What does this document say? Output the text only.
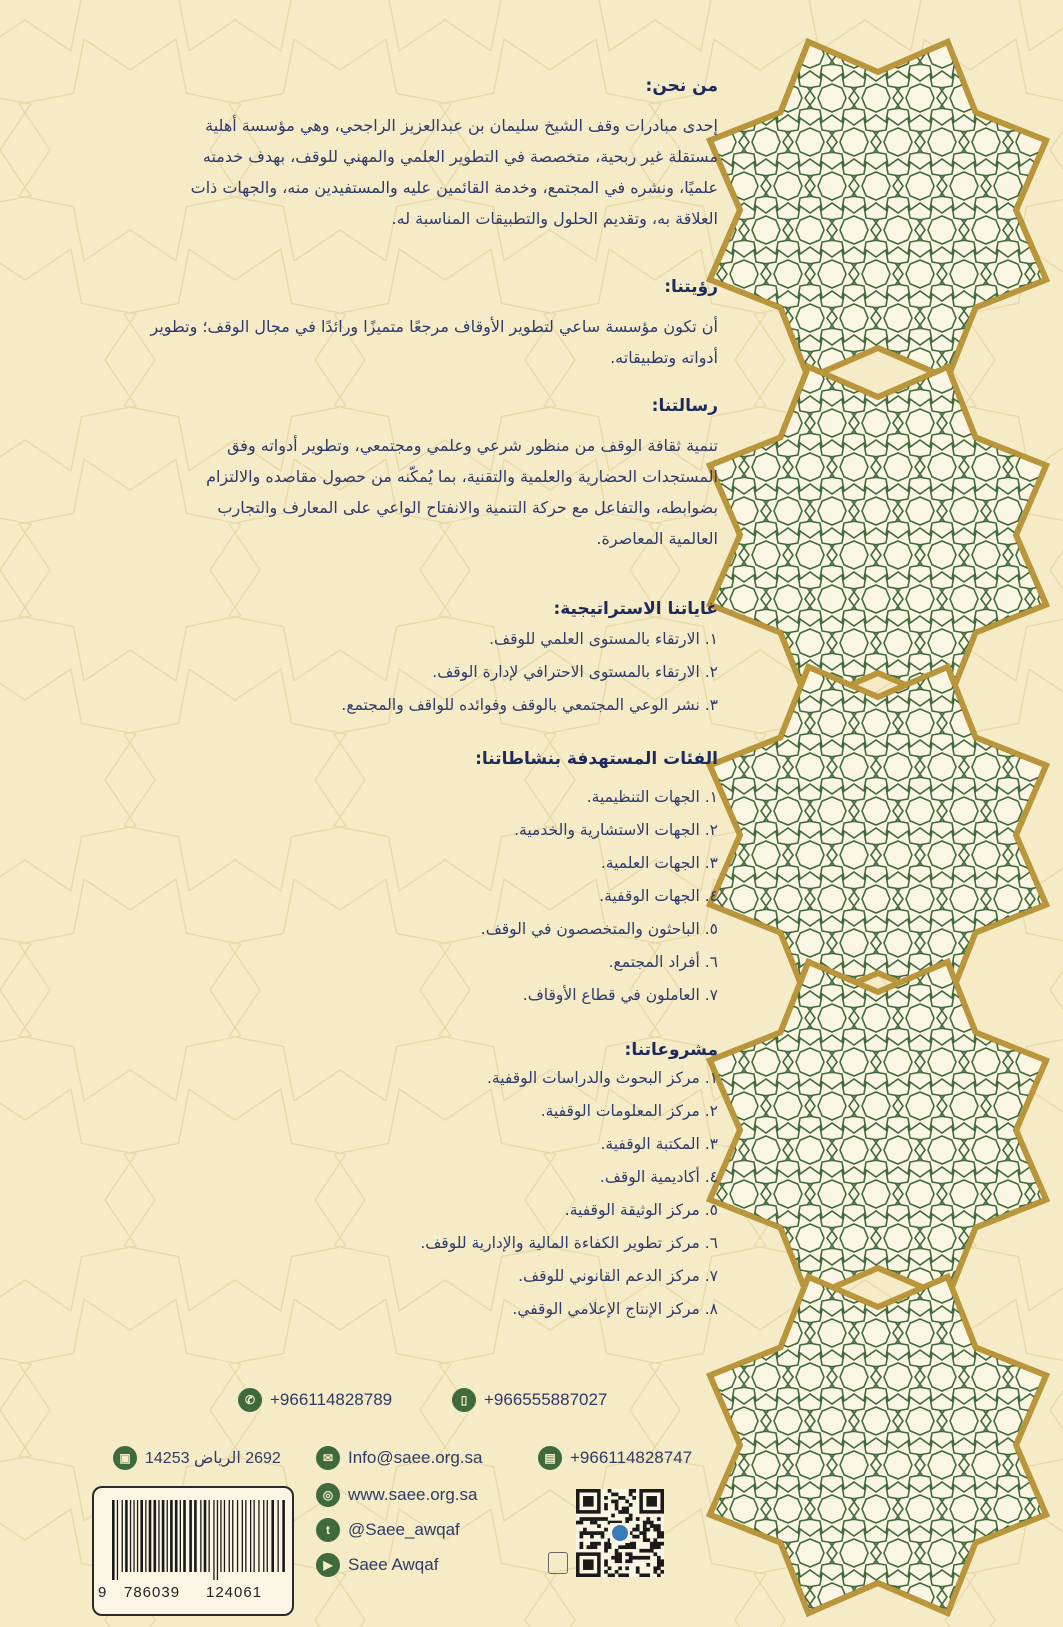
من نحن:
إحدى مبادرات وقف الشيخ سليمان بن عبدالعزيز الراجحي، وهي مؤسسة أهلية
مستقلة غير ربحية، متخصصة في التطوير العلمي والمهني للوقف، بهدف خدمته
علميًا، ونشره في المجتمع، وخدمة القائمين عليه والمستفيدين منه، والجهات ذات
العلاقة به، وتقديم الحلول والتطبيقات المناسبة له.
رؤيتنا:
أن تكون مؤسسة ساعي لتطوير الأوقاف مرجعًا متميزًا ورائدًا في مجال الوقف؛ وتطوير
أدواته وتطبيقاته.
رسالتنا:
تنمية ثقافة الوقف من منظور شرعي وعلمي ومجتمعي، وتطوير أدواته وفق
المستجدات الحضارية والعلمية والتقنية، بما يُمكّنه من حصول مقاصده والالتزام
بضوابطه، والتفاعل مع حركة التنمية والانفتاح الواعي على المعارف والتجارب
العالمية المعاصرة.
غاياتنا الاستراتيجية:
١. الارتقاء بالمستوى العلمي للوقف.
٢. الارتقاء بالمستوى الاحترافي لإدارة الوقف.
٣. نشر الوعي المجتمعي بالوقف وفوائده للواقف والمجتمع.
الفئات المستهدفة بنشاطاتنا:
١. الجهات التنظيمية.
٢. الجهات الاستشارية والخدمية.
٣. الجهات العلمية.
٤. الجهات الوقفية.
٥. الباحثون والمتخصصون في الوقف.
٦. أفراد المجتمع.
٧. العاملون في قطاع الأوقاف.
مشروعاتنا:
١. مركز البحوث والدراسات الوقفية.
٢. مركز المعلومات الوقفية.
٣. المكتبة الوقفية.
٤. أكاديمية الوقف.
٥. مركز الوثيقة الوقفية.
٦. مركز تطوير الكفاءة المالية والإدارية للوقف.
٧. مركز الدعم القانوني للوقف.
٨. مركز الإنتاج الإعلامي الوقفي.
▯ +966555887027
✆ +966114828789
▤ +966114828747
✉ Info@saee.org.sa
▣ 2692 الرياض 14253
◎ www.saee.org.sa
t	@Saee_awqaf
▶ Saee Awqaf
9 786039 124061
